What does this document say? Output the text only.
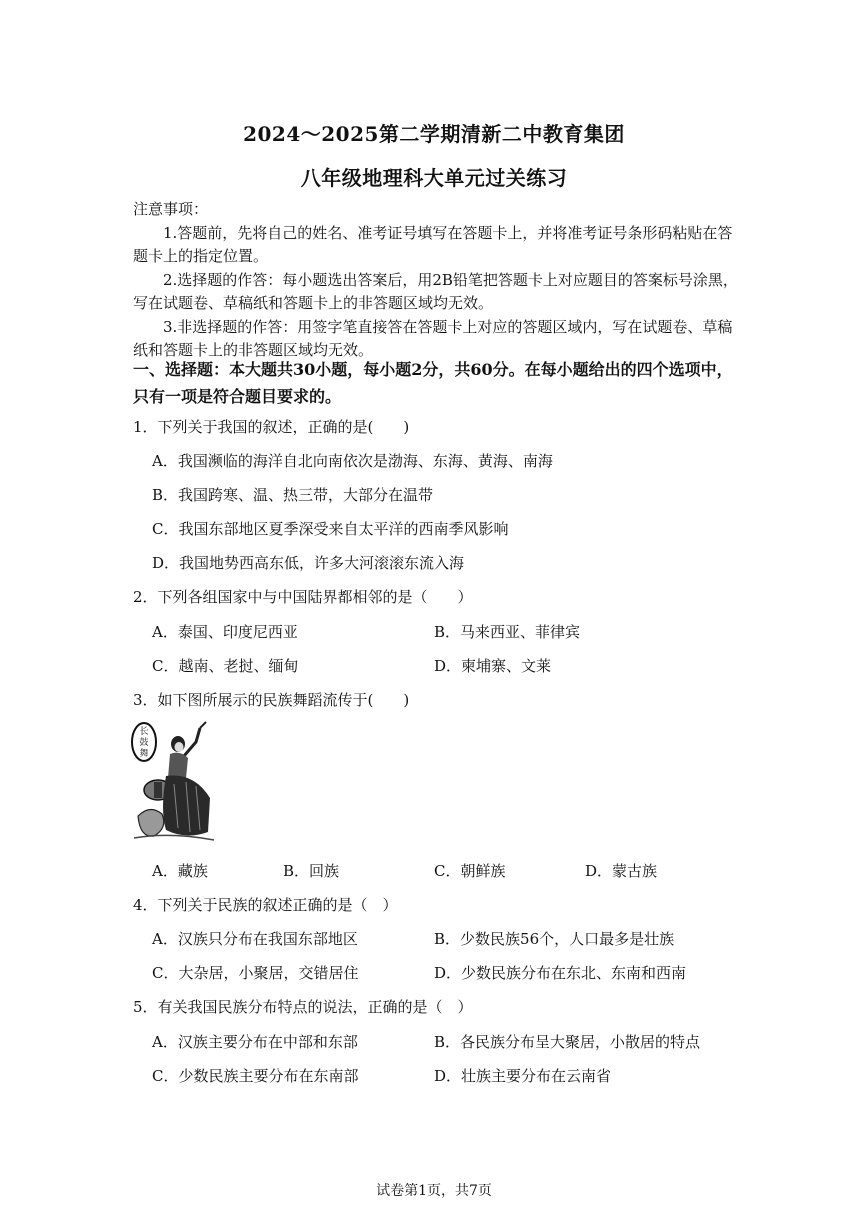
2024～2025第二学期清新二中教育集团
八年级地理科大单元过关练习

注意事项：

1.答题前，先将自己的姓名、准考证号填写在答题卡上，并将准考证号条形码粘贴在答题卡上的指定位置。

2.选择题的作答：每小题选出答案后，用2B铅笔把答题卡上对应题目的答案标号涂黑，写在试题卷、草稿纸和答题卡上的非答题区域均无效。

3.非选择题的作答：用签字笔直接答在答题卡上对应的答题区域内，写在试题卷、草稿纸和答题卡上的非答题区域均无效。

一、选择题：本大题共30小题，每小题2分，共60分。在每小题给出的四个选项中，只有一项是符合题目要求的。
1．下列关于我国的叙述，正确的是(　　)
A．我国濒临的海洋自北向南依次是渤海、东海、黄海、南海
B．我国跨寒、温、热三带，大部分在温带
C．我国东部地区夏季深受来自太平洋的西南季风影响
D．我国地势西高东低，许多大河滚滚东流入海
2．下列各组国家中与中国陆界都相邻的是（　　）
A．泰国、印度尼西亚	B．马来西亚、菲律宾
C．越南、老挝、缅甸	D．柬埔寨、文莱
3．如下图所展示的民族舞蹈流传于(　　)
长
鼓
舞
A．藏族	B．回族	C．朝鲜族	D．蒙古族
4．下列关于民族的叙述正确的是（　）
A．汉族只分布在我国东部地区	B．少数民族56个，人口最多是壮族
C．大杂居，小聚居，交错居住	D．少数民族分布在东北、东南和西南
5．有关我国民族分布特点的说法，正确的是（　）
A．汉族主要分布在中部和东部	B．各民族分布呈大聚居，小散居的特点
C．少数民族主要分布在东南部	D．壮族主要分布在云南省
试卷第1页，共7页
